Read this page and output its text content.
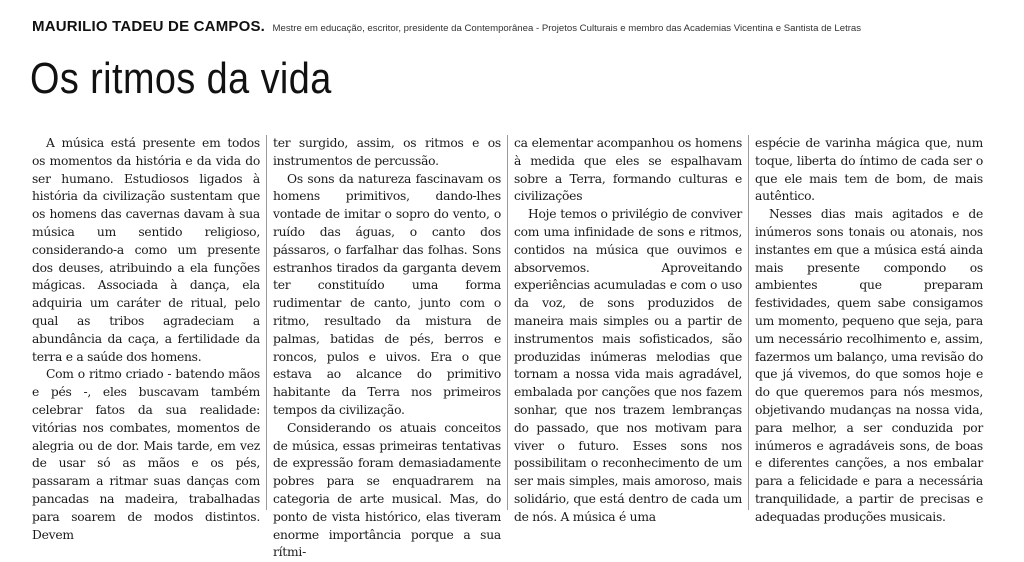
MAURILIO TADEU DE CAMPOS. Mestre em educação, escritor, presidente da Contemporânea - Projetos Culturais e membro das Academias Vicentina e Santista de Letras
Os ritmos da vida

A música está presente em todos os momentos da história e da vida do ser humano. Estudiosos ligados à história da civilização sustentam que os homens das cavernas davam à sua música um sentido religioso, considerando-a como um presente dos deuses, atribuindo a ela funções mágicas. Associada à dança, ela adquiria um caráter de ritual, pelo qual as tribos agradeciam a abundância da caça, a fertilidade da terra e a saúde dos homens.

Com o ritmo criado - batendo mãos e pés -, eles buscavam também celebrar fatos da sua realidade: vitórias nos combates, momentos de alegria ou de dor. Mais tarde, em vez de usar só as mãos e os pés, passaram a ritmar suas danças com pancadas na madeira, trabalhadas para soarem de modos distintos. Devem

ter surgido, assim, os ritmos e os instrumentos de percussão.

Os sons da natureza fascinavam os homens primitivos, dando-lhes vontade de imitar o sopro do vento, o ruído das águas, o canto dos pássaros, o farfalhar das folhas. Sons estranhos tirados da garganta devem ter constituído uma forma rudimentar de canto, junto com o ritmo, resultado da mistura de palmas, batidas de pés, berros e roncos, pulos e uivos. Era o que estava ao alcance do primitivo habitante da Terra nos primeiros tempos da civilização.

Considerando os atuais conceitos de música, essas primeiras tentativas de expressão foram demasiadamente pobres para se enquadrarem na categoria de arte musical. Mas, do ponto de vista histórico, elas tiveram enorme importância porque a sua rítmi-

ca elementar acompanhou os homens à medida que eles se espalhavam sobre a Terra, formando culturas e civilizações

Hoje temos o privilégio de conviver com uma infinidade de sons e ritmos, contidos na música que ouvimos e absorvemos. Aproveitando experiências acumuladas e com o uso da voz, de sons produzidos de maneira mais simples ou a partir de instrumentos mais sofisticados, são produzidas inúmeras melodias que tornam a nossa vida mais agradável, embalada por canções que nos fazem sonhar, que nos trazem lembranças do passado, que nos motivam para viver o futuro. Esses sons nos possibilitam o reconhecimento de um ser mais simples, mais amoroso, mais solidário, que está dentro de cada um de nós. A música é uma

espécie de varinha mágica que, num toque, liberta do íntimo de cada ser o que ele mais tem de bom, de mais autêntico.

Nesses dias mais agitados e de inúmeros sons tonais ou atonais, nos instantes em que a música está ainda mais presente compondo os ambientes que preparam festividades, quem sabe consigamos um momento, pequeno que seja, para um necessário recolhimento e, assim, fazermos um balanço, uma revisão do que já vivemos, do que somos hoje e do que queremos para nós mesmos, objetivando mudanças na nossa vida, para melhor, a ser conduzida por inúmeros e agradáveis sons, de boas e diferentes canções, a nos embalar para a felicidade e para a necessária tranquilidade, a partir de precisas e adequadas produções musicais.
